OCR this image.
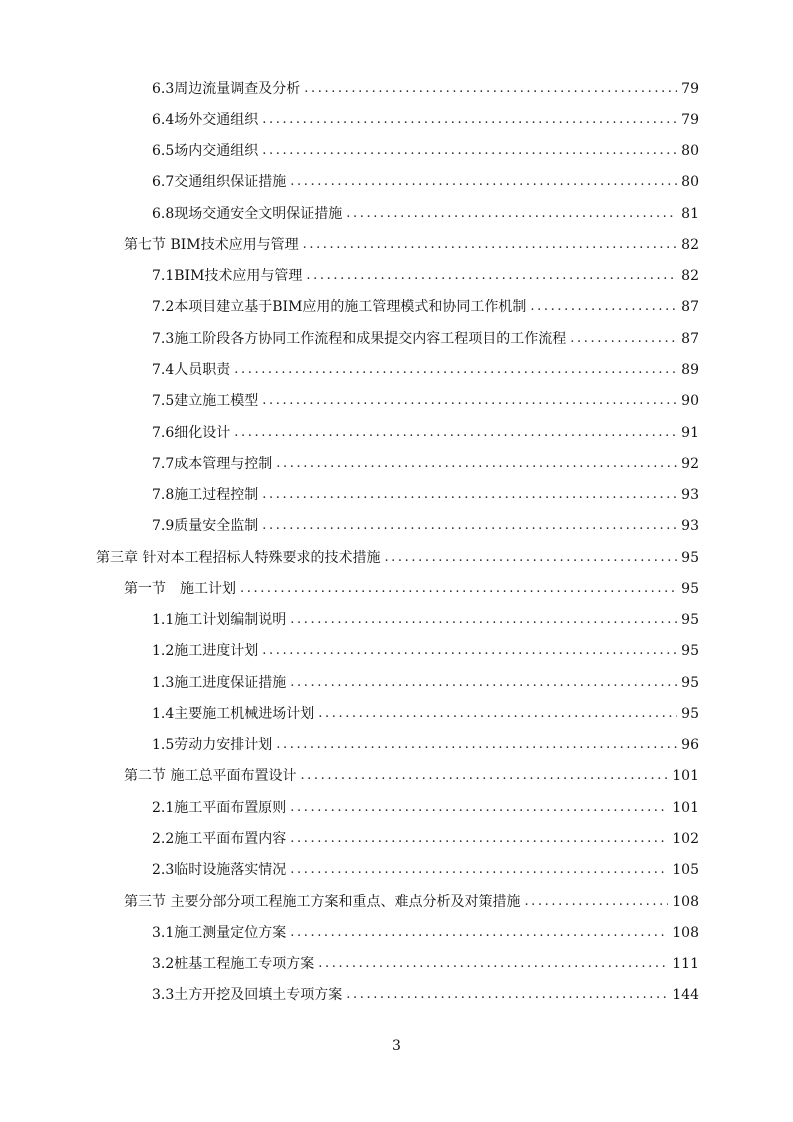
6.3周边流量调查及分析 .....	79
6.4场外交通组织 .....	79
6.5场内交通组织 .....	80
6.7交通组织保证措施 .....	80
6.8现场交通安全文明保证措施 .....	81
第七节 BIM技术应用与管理 .....	82
7.1BIM技术应用与管理 .....	82
7.2本项目建立基于BIM应用的施工管理模式和协同工作机制 .....	87
7.3施工阶段各方协同工作流程和成果提交内容工程项目的工作流程 .....	87
7.4人员职责 .....	89
7.5建立施工模型 .....	90
7.6细化设计 .....	91
7.7成本管理与控制 .....	92
7.8施工过程控制 .....	93
7.9质量安全监制 .....	93
第三章 针对本工程招标人特殊要求的技术措施 .....	95
第一节　施工计划 .....	95
1.1施工计划编制说明 .....	95
1.2施工进度计划 .....	95
1.3施工进度保证措施 .....	95
1.4主要施工机械进场计划 .....	95
1.5劳动力安排计划 .....	96
第二节 施工总平面布置设计 .....	101
2.1施工平面布置原则 .....	101
2.2施工平面布置内容 .....	102
2.3临时设施落实情况 .....	105
第三节 主要分部分项工程施工方案和重点、难点分析及对策措施 .....	108
3.1施工测量定位方案 .....	108
3.2桩基工程施工专项方案 .....	111
3.3土方开挖及回填土专项方案 .....	144
3
